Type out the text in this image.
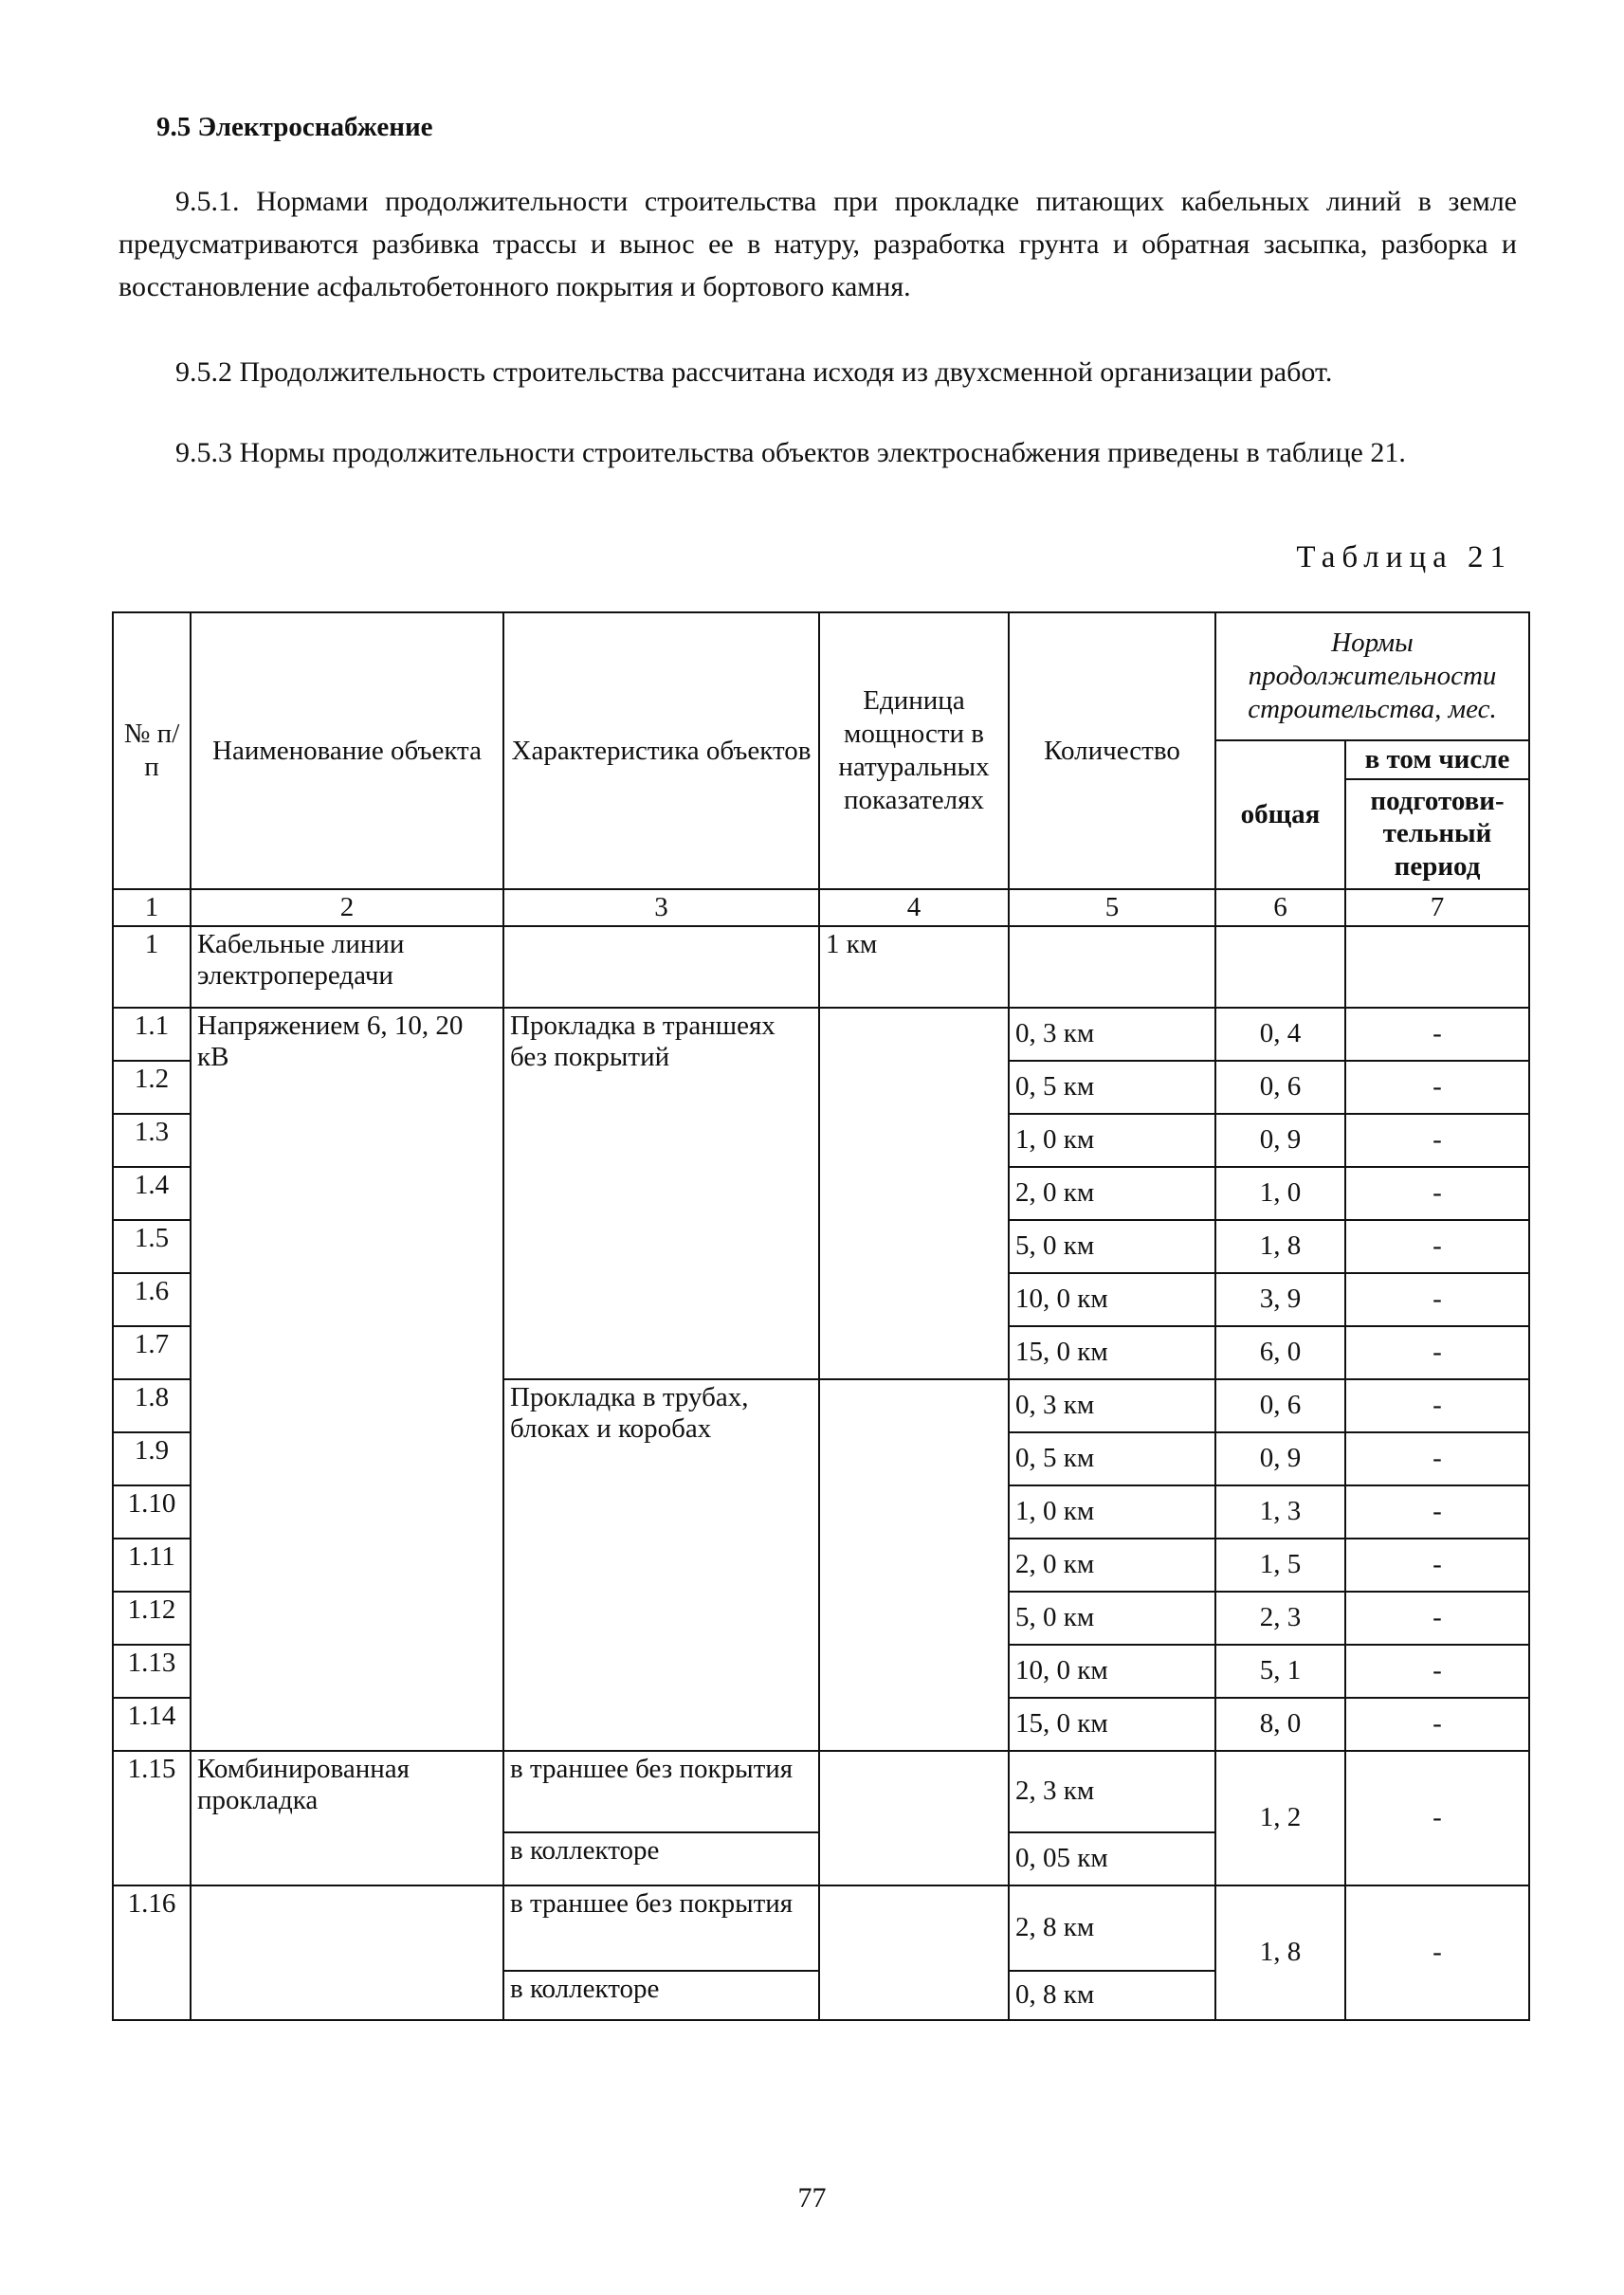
9.5 Электроснабжение
9.5.1. Нормами продолжительности строительства при прокладке питающих кабельных линий в земле предусматриваются разбивка трассы и вынос ее в натуру, разработка грунта и обратная засыпка, разборка и восстановление асфальтобетонного покрытия и бортового камня.
9.5.2 Продолжительность строительства рассчитана исходя из двухсменной организации работ.
9.5.3 Нормы продолжительности строительства объектов электроснабжения приведены в таблице 21.
Таблица 21
№ п/п	Наименование объекта	Характеристика объектов	Единица мощности в натуральных показателях	Количество	Нормы продолжительности строительства, мес.	
					общая	в том числе
						подготови-тельный период
1	2	3	4	5	6	7
1	Кабельные линии электропередачи		1 км			
1.1	Напряжением 6, 10, 20 кВ	Прокладка в траншеях без покрытий		0, 3 км	0, 4	-
1.2				0, 5 км	0, 6	-
1.3				1, 0 км	0, 9	-
1.4				2, 0 км	1, 0	-
1.5				5, 0 км	1, 8	-
1.6				10, 0 км	3, 9	-
1.7				15, 0 км	6, 0	-
1.8		Прокладка в трубах, блоках и коробах		0, 3 км	0, 6	-
1.9				0, 5 км	0, 9	-
1.10				1, 0 км	1, 3	-
1.11				2, 0 км	1, 5	-
1.12				5, 0 км	2, 3	-
1.13				10, 0 км	5, 1	-
1.14				15, 0 км	8, 0	-
1.15	Комбинированная прокладка	в траншее без покрытия		2, 3 км	1, 2	-
		в коллекторе		0, 05 км		
1.16		в траншее без покрытия		2, 8 км	1, 8	-
		в коллекторе		0, 8 км		
77
